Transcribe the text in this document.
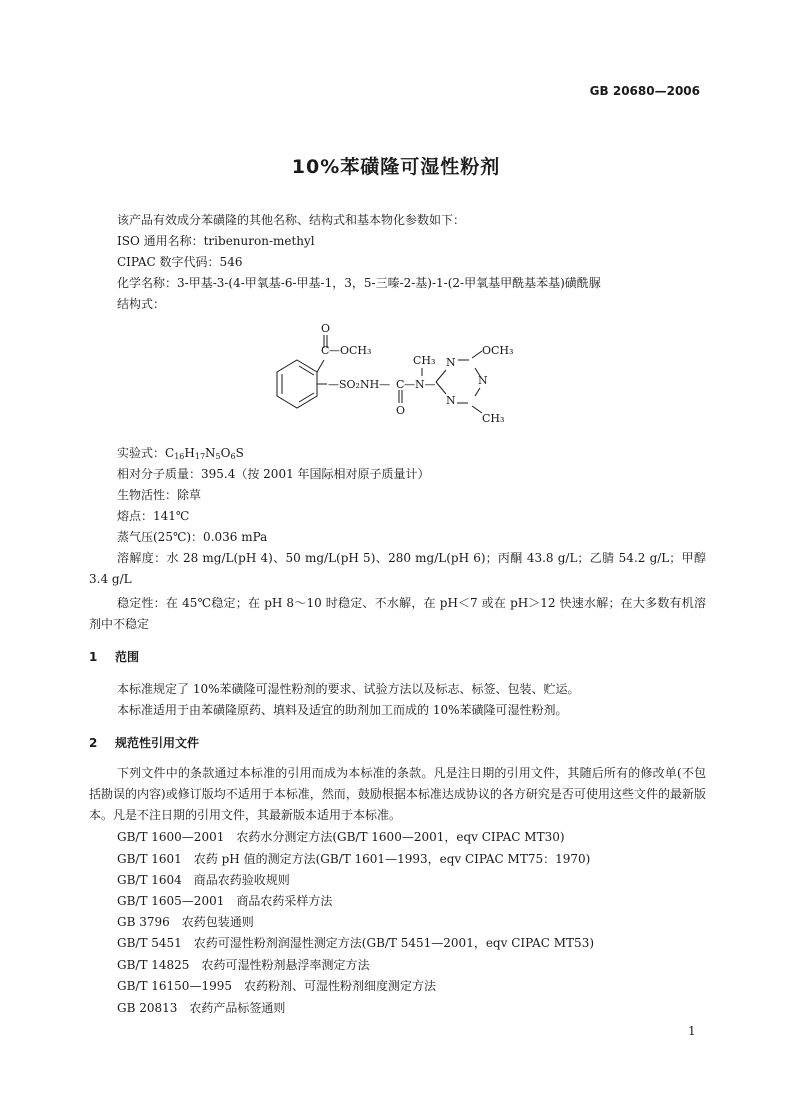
GB 20680—2006
10%苯磺隆可湿性粉剂
该产品有效成分苯磺隆的其他名称、结构式和基本物化参数如下：
ISO 通用名称：tribenuron-methyl
CIPAC 数字代码：546
化学名称：3-甲基-3-(4-甲氧基-6-甲基-1，3，5-三嗪-2-基)-1-(2-甲氧基甲酰基苯基)磺酰脲
结构式：
O
C —OCH₃
—SO₂NH— C —N—
O
CH₃ N
N
N
OCH₃
CH₃
实验式：$C_{16}H_{17}N_5O_6S$
相对分子质量：395.4（按 2001 年国际相对原子质量计）
生物活性：除草
熔点：141℃
蒸气压(25℃)：0.036 mPa
溶解度：水 28 mg/L(pH 4)、50 mg/L(pH 5)、280 mg/L(pH 6)；丙酮 43.8 g/L；乙腈 54.2 g/L；甲醇 3.4 g/L
稳定性：在 45℃稳定；在 pH 8～10 时稳定、不水解，在 pH＜7 或在 pH＞12 快速水解；在大多数有机溶剂中不稳定
1 范围
本标准规定了 10%苯磺隆可湿性粉剂的要求、试验方法以及标志、标签、包装、贮运。
本标准适用于由苯磺隆原药、填料及适宜的助剂加工而成的 10%苯磺隆可湿性粉剂。
2 规范性引用文件
下列文件中的条款通过本标准的引用而成为本标准的条款。凡是注日期的引用文件，其随后所有的修改单(不包括勘误的内容)或修订版均不适用于本标准，然而，鼓励根据本标准达成协议的各方研究是否可使用这些文件的最新版本。凡是不注日期的引用文件，其最新版本适用于本标准。
GB/T 1600—2001　农药水分测定方法(GB/T 1600—2001，eqv CIPAC MT30)
GB/T 1601　农药 pH 值的测定方法(GB/T 1601—1993，eqv CIPAC MT75：1970)
GB/T 1604　商品农药验收规则
GB/T 1605—2001　商品农药采样方法
GB 3796　农药包装通则
GB/T 5451　农药可湿性粉剂润湿性测定方法(GB/T 5451—2001，eqv CIPAC MT53)
GB/T 14825　农药可湿性粉剂悬浮率测定方法
GB/T 16150—1995　农药粉剂、可湿性粉剂细度测定方法
GB 20813　农药产品标签通则
1
